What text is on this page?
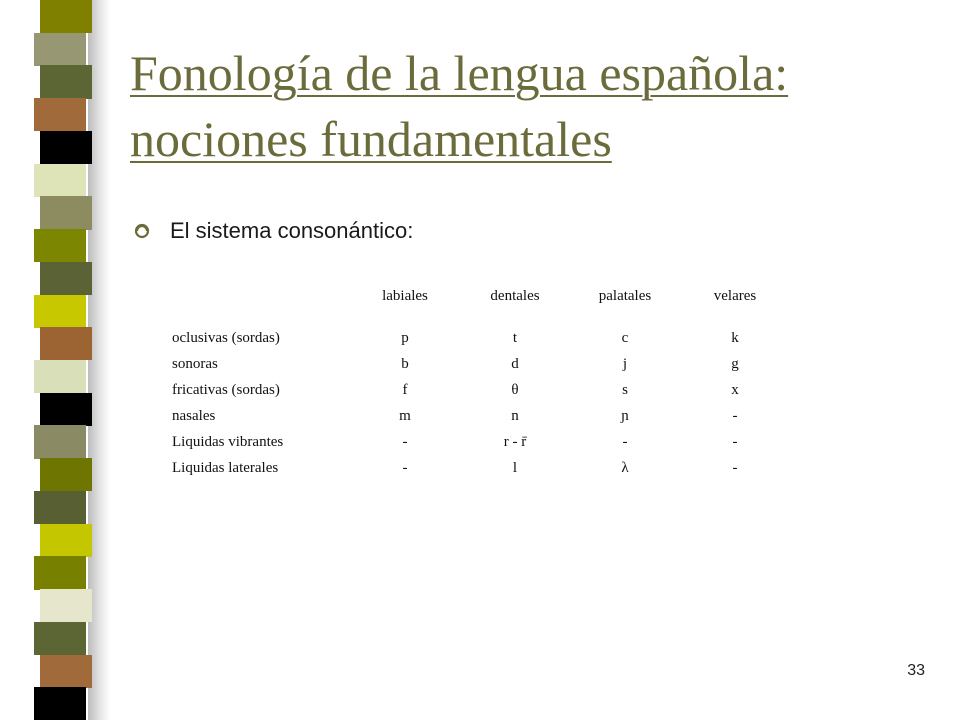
Fonología de la lengua española: nociones fundamentales
El sistema consonántico:
	labiales	dentales	palatales	velares

oclusivas (sordas)	p	t	c	k
sonoras	b	d	j	g
fricativas (sordas)	f	θ	s	x
nasales	m	n	ɲ	-
Liquidas vibrantes	-	r - r̄	-	-
Liquidas laterales	-	l	λ	-
33
